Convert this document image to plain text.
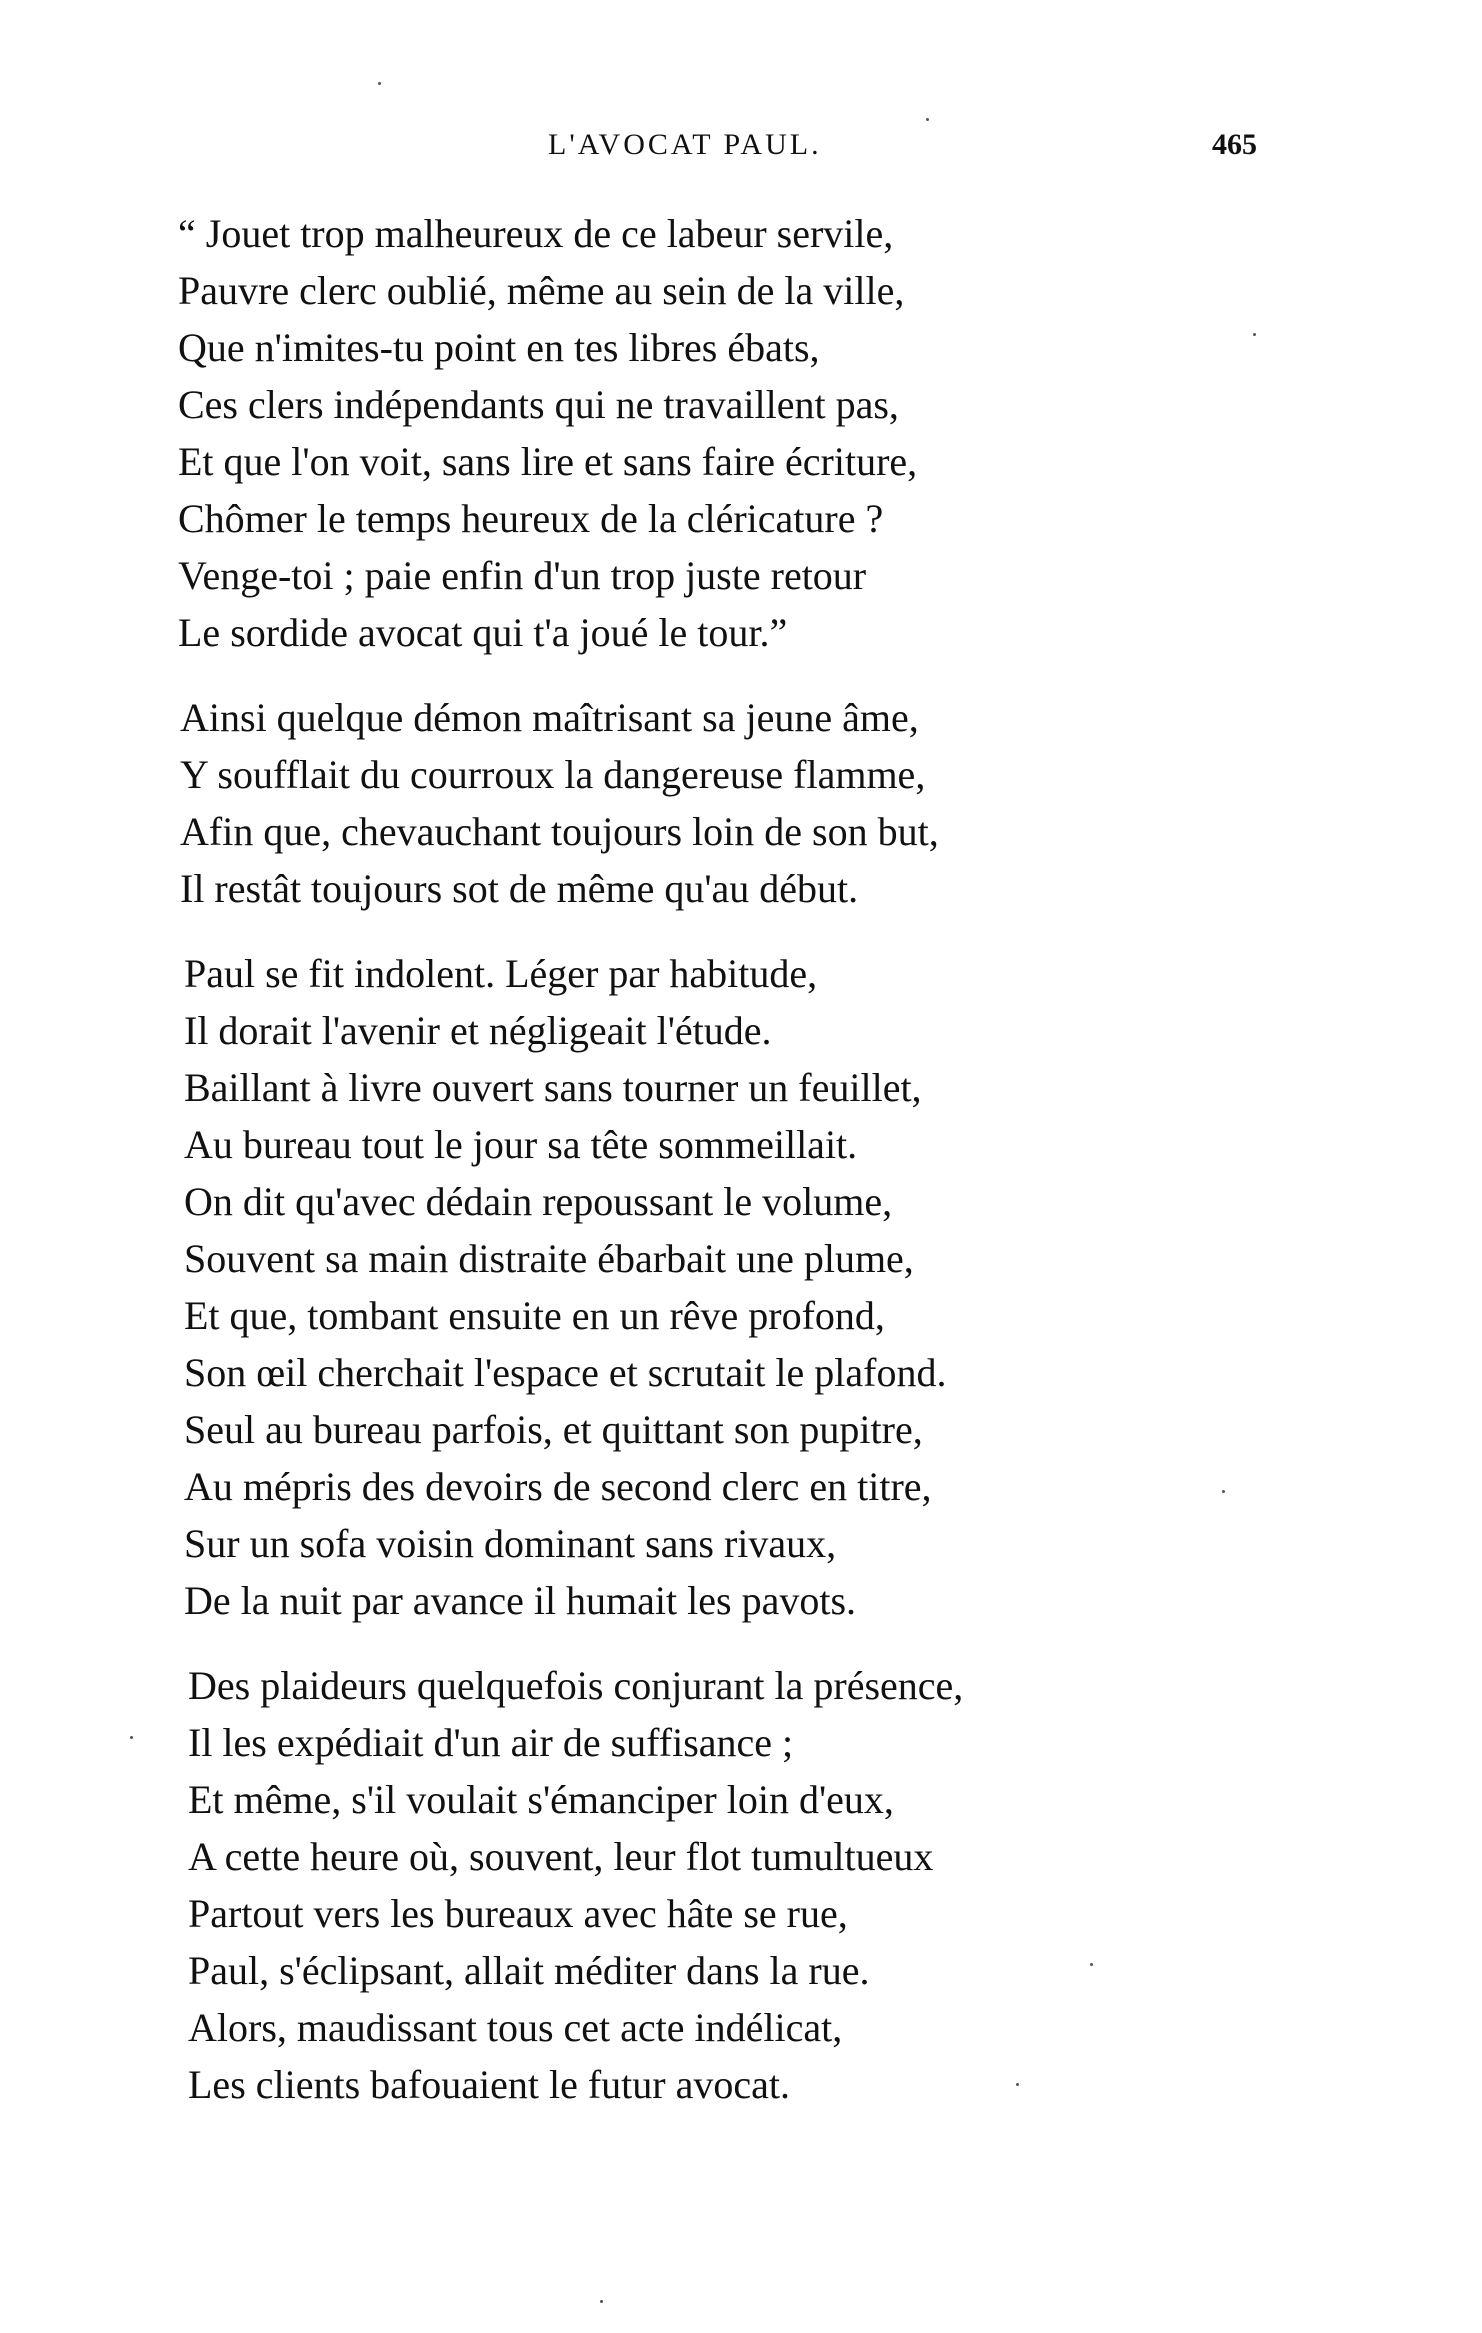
L'AVOCAT PAUL.	465
“ Jouet trop malheureux de ce labeur servile,
Pauvre clerc oublié, même au sein de la ville,
Que n'imites-tu point en tes libres ébats,
Ces clers indépendants qui ne travaillent pas,
Et que l'on voit, sans lire et sans faire écriture,
Chômer le temps heureux de la cléricature ?
Venge-toi ; paie enfin d'un trop juste retour
Le sordide avocat qui t'a joué le tour.”
Ainsi quelque démon maîtrisant sa jeune âme,
Y soufflait du courroux la dangereuse flamme,
Afin que, chevauchant toujours loin de son but,
Il restât toujours sot de même qu'au début.
Paul se fit indolent. Léger par habitude,
Il dorait l'avenir et négligeait l'étude.
Baillant à livre ouvert sans tourner un feuillet,
Au bureau tout le jour sa tête sommeillait.
On dit qu'avec dédain repoussant le volume,
Souvent sa main distraite ébarbait une plume,
Et que, tombant ensuite en un rêve profond,
Son œil cherchait l'espace et scrutait le plafond.
Seul au bureau parfois, et quittant son pupitre,
Au mépris des devoirs de second clerc en titre,
Sur un sofa voisin dominant sans rivaux,
De la nuit par avance il humait les pavots.
Des plaideurs quelquefois conjurant la présence,
Il les expédiait d'un air de suffisance ;
Et même, s'il voulait s'émanciper loin d'eux,
A cette heure où, souvent, leur flot tumultueux
Partout vers les bureaux avec hâte se rue,
Paul, s'éclipsant, allait méditer dans la rue.
Alors, maudissant tous cet acte indélicat,
Les clients bafouaient le futur avocat.
